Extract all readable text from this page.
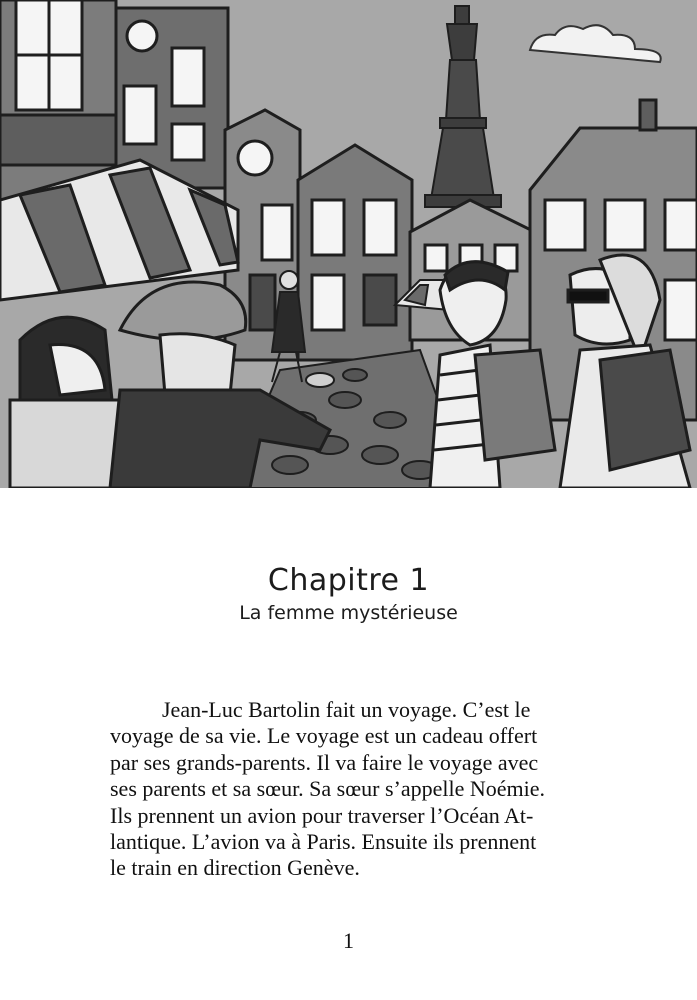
Chapitre 1
La femme mystérieuse

Jean-Luc Bartolin fait un voyage. C’est le
voyage de sa vie. Le voyage est un cadeau offert
par ses grands-parents. Il va faire le voyage avec
ses parents et sa sœur. Sa sœur s’appelle Noémie.
Ils prennent un avion pour traverser l’Océan At-
lantique. L’avion va à Paris. Ensuite ils prennent
le train en direction Genève.

1
